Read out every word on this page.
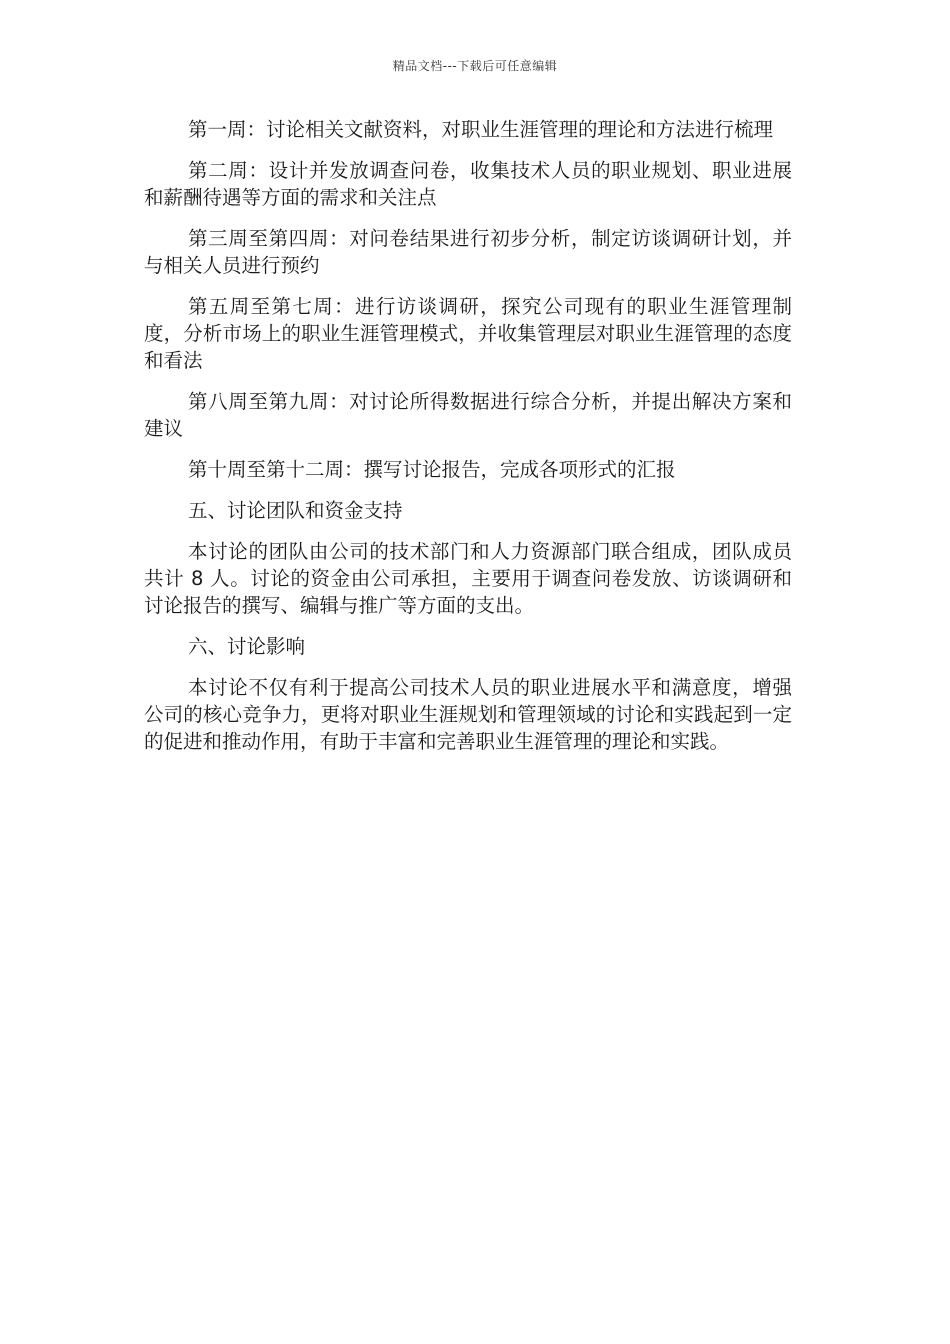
精品文档---下载后可任意编辑

第一周：讨论相关文献资料，对职业生涯管理的理论和方法进行梳理

第二周：设计并发放调查问卷，收集技术人员的职业规划、职业进展和薪酬待遇等方面的需求和关注点

第三周至第四周：对问卷结果进行初步分析，制定访谈调研计划，并与相关人员进行预约

第五周至第七周：进行访谈调研，探究公司现有的职业生涯管理制度，分析市场上的职业生涯管理模式，并收集管理层对职业生涯管理的态度和看法

第八周至第九周：对讨论所得数据进行综合分析，并提出解决方案和建议

第十周至第十二周：撰写讨论报告，完成各项形式的汇报

五、讨论团队和资金支持

本讨论的团队由公司的技术部门和人力资源部门联合组成，团队成员共计 8 人。讨论的资金由公司承担，主要用于调查问卷发放、访谈调研和讨论报告的撰写、编辑与推广等方面的支出。

六、讨论影响

本讨论不仅有利于提高公司技术人员的职业进展水平和满意度，增强公司的核心竞争力，更将对职业生涯规划和管理领域的讨论和实践起到一定的促进和推动作用，有助于丰富和完善职业生涯管理的理论和实践。
